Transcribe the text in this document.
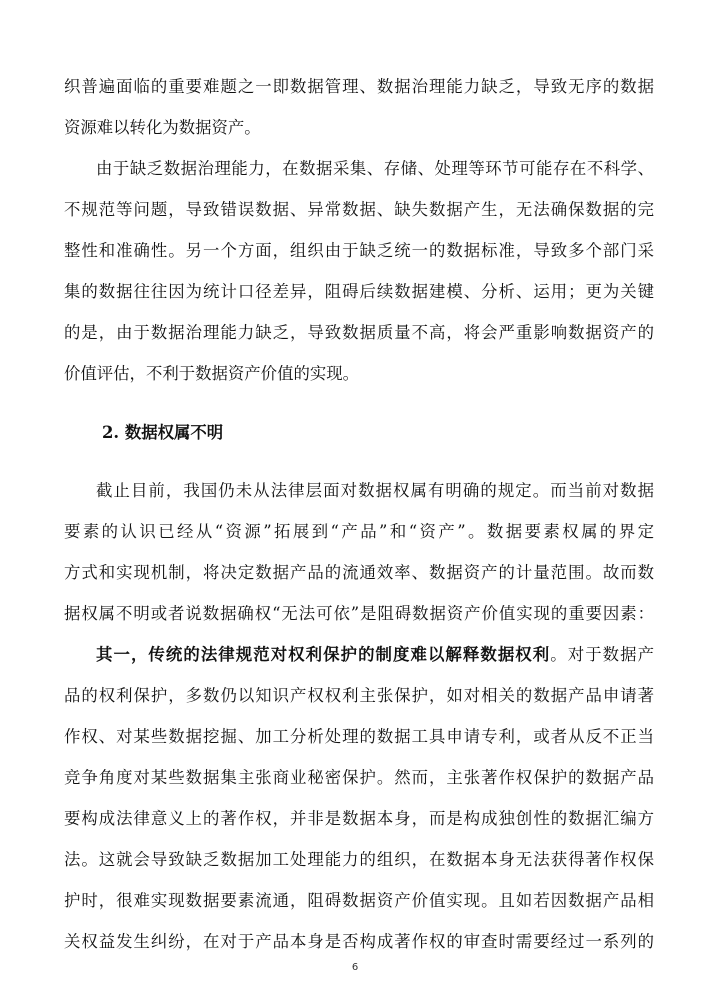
织普遍面临的重要难题之一即数据管理、数据治理能力缺乏，导致无序的数据
资源难以转化为数据资产。
由于缺乏数据治理能力，在数据采集、存储、处理等环节可能存在不科学、
不规范等问题，导致错误数据、异常数据、缺失数据产生，无法确保数据的完
整性和准确性。另一个方面，组织由于缺乏统一的数据标准，导致多个部门采
集的数据往往因为统计口径差异，阻碍后续数据建模、分析、运用；更为关键
的是，由于数据治理能力缺乏，导致数据质量不高，将会严重影响数据资产的
价值评估，不利于数据资产价值的实现。
2. 数据权属不明
截止目前，我国仍未从法律层面对数据权属有明确的规定。而当前对数据
要素的认识已经从“资源”拓展到“产品”和“资产”。数据要素权属的界定
方式和实现机制，将决定数据产品的流通效率、数据资产的计量范围。故而数
据权属不明或者说数据确权“无法可依”是阻碍数据资产价值实现的重要因素：
其一，传统的法律规范对权利保护的制度难以解释数据权利。对于数据产
品的权利保护，多数仍以知识产权权利主张保护，如对相关的数据产品申请著
作权、对某些数据挖掘、加工分析处理的数据工具申请专利，或者从反不正当
竞争角度对某些数据集主张商业秘密保护。然而，主张著作权保护的数据产品
要构成法律意义上的著作权，并非是数据本身，而是构成独创性的数据汇编方
法。这就会导致缺乏数据加工处理能力的组织，在数据本身无法获得著作权保
护时，很难实现数据要素流通，阻碍数据资产价值实现。且如若因数据产品相
关权益发生纠纷，在对于产品本身是否构成著作权的审查时需要经过一系列的
6
